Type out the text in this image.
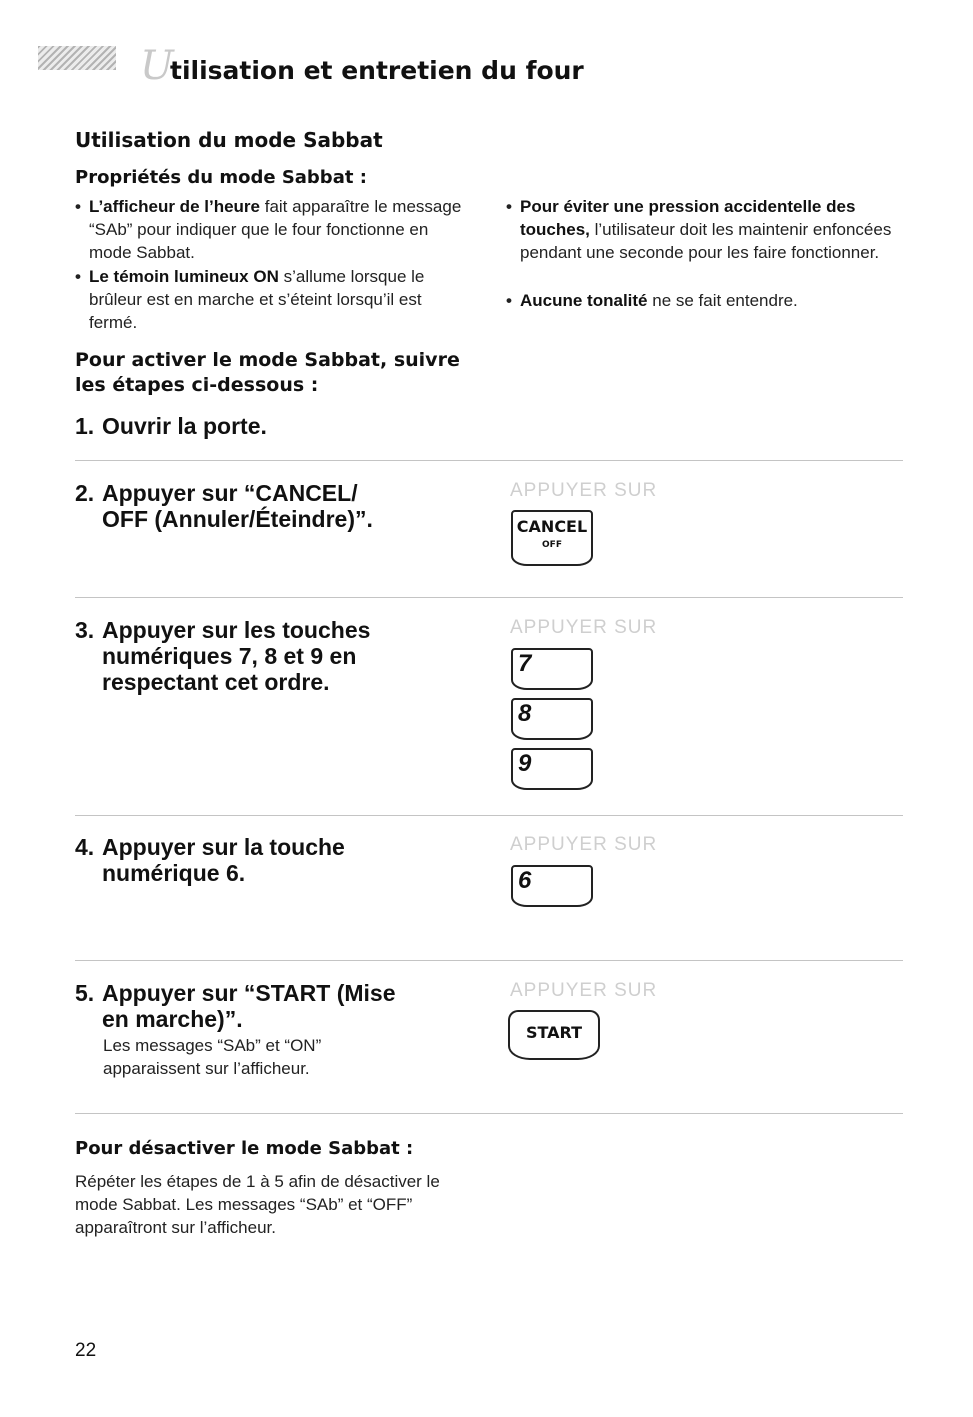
U
tilisation et entretien du four
Utilisation du mode Sabbat
Propriétés du mode Sabbat :
• L’afficheur de l’heure fait apparaître le message “SAb” pour indiquer que le four fonctionne en mode Sabbat.
• Le témoin lumineux ON s’allume lorsque le brûleur est en marche et s’éteint lorsqu’il est fermé.
• Pour éviter une pression accidentelle des touches, l’utilisateur doit les maintenir enfoncées pendant une seconde pour les faire fonctionner.
• Aucune tonalité ne se fait entendre.
Pour activer le mode Sabbat, suivre les étapes ci-dessous :
1. Ouvrir la porte.
2. Appuyer sur “CANCEL/
OFF (Annuler/Éteindre)”.
APPUYER SUR
CANCEL
OFF
3. Appuyer sur les touches
numériques 7, 8 et 9 en
respectant cet ordre.
APPUYER SUR
7
8
9
4. Appuyer sur la touche
numérique 6.
APPUYER SUR
6
5. Appuyer sur “START (Mise
en marche)”.
Les messages “SAb” et “ON”
apparaissent sur l’afficheur.
APPUYER SUR
START
Pour désactiver le mode Sabbat :
Répéter les étapes de 1 à 5 afin de désactiver le mode Sabbat. Les messages “SAb” et “OFF” apparaîtront sur l’afficheur.
22
